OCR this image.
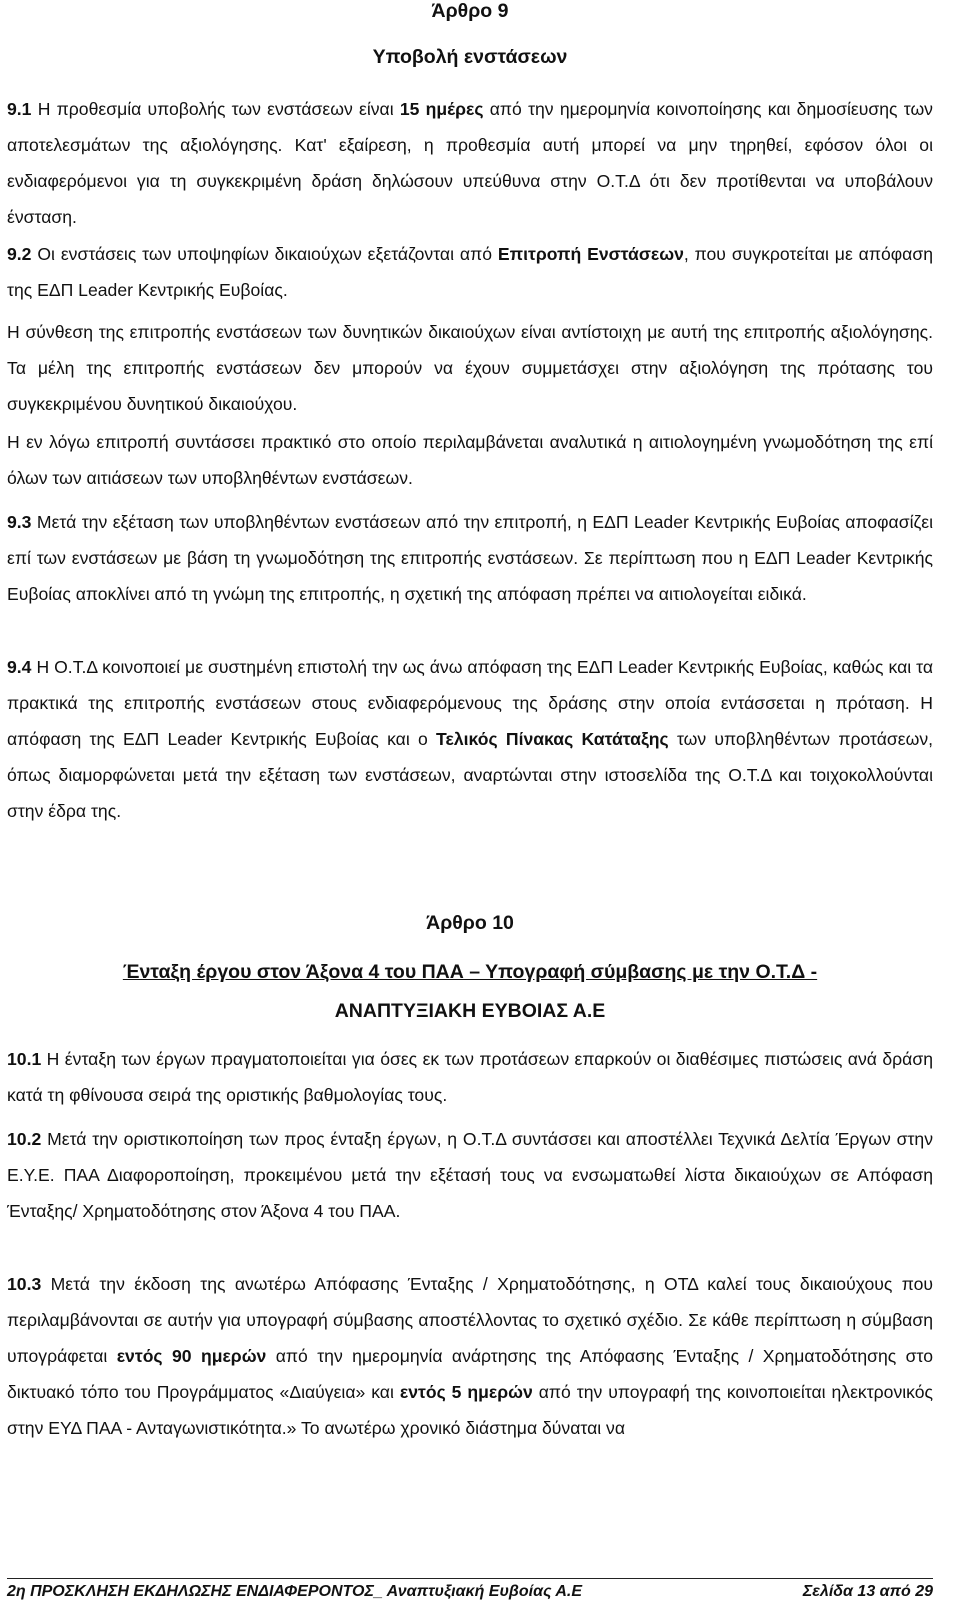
Άρθρο 9
Υποβολή ενστάσεων

9.1 Η προθεσμία υποβολής των ενστάσεων είναι 15 ημέρες από την ημερομηνία κοινοποίησης και δημοσίευσης των αποτελεσμάτων της αξιολόγησης. Κατ' εξαίρεση, η προθεσμία αυτή μπορεί να μην τηρηθεί, εφόσον όλοι οι ενδιαφερόμενοι για τη συγκεκριμένη δράση δηλώσουν υπεύθυνα στην Ο.Τ.Δ ότι δεν προτίθενται να υποβάλουν ένσταση.

9.2 Οι ενστάσεις των υποψηφίων δικαιούχων εξετάζονται από Επιτροπή Ενστάσεων, που συγκροτείται με απόφαση της ΕΔΠ Leader Κεντρικής Ευβοίας.

Η σύνθεση της επιτροπής ενστάσεων των δυνητικών δικαιούχων είναι αντίστοιχη με αυτή της επιτροπής αξιολόγησης. Τα μέλη της επιτροπής ενστάσεων δεν μπορούν να έχουν συμμετάσχει στην αξιολόγηση της πρότασης του συγκεκριμένου δυνητικού δικαιούχου.

Η εν λόγω επιτροπή συντάσσει πρακτικό στο οποίο περιλαμβάνεται αναλυτικά η αιτιολογημένη γνωμοδότηση της επί όλων των αιτιάσεων των υποβληθέντων ενστάσεων.

9.3 Μετά την εξέταση των υποβληθέντων ενστάσεων από την επιτροπή, η ΕΔΠ Leader Κεντρικής Ευβοίας αποφασίζει επί των ενστάσεων με βάση τη γνωμοδότηση της επιτροπής ενστάσεων. Σε περίπτωση που η ΕΔΠ Leader Κεντρικής Ευβοίας αποκλίνει από τη γνώμη της επιτροπής, η σχετική της απόφαση πρέπει να αιτιολογείται ειδικά.

9.4 Η Ο.Τ.Δ κοινοποιεί με συστημένη επιστολή την ως άνω απόφαση της ΕΔΠ Leader Κεντρικής Ευβοίας, καθώς και τα πρακτικά της επιτροπής ενστάσεων στους ενδιαφερόμενους της δράσης στην οποία εντάσσεται η πρόταση. Η απόφαση της ΕΔΠ Leader Κεντρικής Ευβοίας και ο Τελικός Πίνακας Κατάταξης των υποβληθέντων προτάσεων, όπως διαμορφώνεται μετά την εξέταση των ενστάσεων, αναρτώνται στην ιστοσελίδα της Ο.Τ.Δ και τοιχοκολλούνται στην έδρα της.

Άρθρο 10
Ένταξη έργου στον Άξονα 4 του ΠΑΑ – Υπογραφή σύμβασης με την Ο.Τ.Δ -
ΑΝΑΠΤΥΞΙΑΚΗ ΕΥΒΟΙΑΣ Α.Ε

10.1 Η ένταξη των έργων πραγματοποιείται για όσες εκ των προτάσεων επαρκούν οι διαθέσιμες πιστώσεις ανά δράση κατά τη φθίνουσα σειρά της οριστικής βαθμολογίας τους.

10.2 Μετά την οριστικοποίηση των προς ένταξη έργων, η Ο.Τ.Δ συντάσσει και αποστέλλει Τεχνικά Δελτία Έργων στην Ε.Υ.Ε. ΠΑΑ Διαφοροποίηση, προκειμένου μετά την εξέτασή τους να ενσωματωθεί λίστα δικαιούχων σε Απόφαση Ένταξης/ Χρηματοδότησης στον Άξονα 4 του ΠΑΑ.

10.3 Μετά την έκδοση της ανωτέρω Απόφασης Ένταξης / Χρηματοδότησης, η ΟΤΔ καλεί τους δικαιούχους που περιλαμβάνονται σε αυτήν για υπογραφή σύμβασης αποστέλλοντας το σχετικό σχέδιο. Σε κάθε περίπτωση η σύμβαση υπογράφεται εντός 90 ημερών από την ημερομηνία ανάρτησης της Απόφασης Ένταξης / Χρηματοδότησης στο δικτυακό τόπο του Προγράμματος «Διαύγεια» και εντός 5 ημερών από την υπογραφή της κοινοποιείται ηλεκτρονικός στην ΕΥΔ ΠΑΑ - Ανταγωνιστικότητα.» Το ανωτέρω χρονικό διάστημα δύναται να

2η ΠΡΟΣΚΛΗΣΗ ΕΚΔΗΛΩΣΗΣ ΕΝΔΙΑΦΕΡΟΝΤΟΣ_ Αναπτυξιακή Ευβοίας Α.Ε	Σελίδα 13 από 29
